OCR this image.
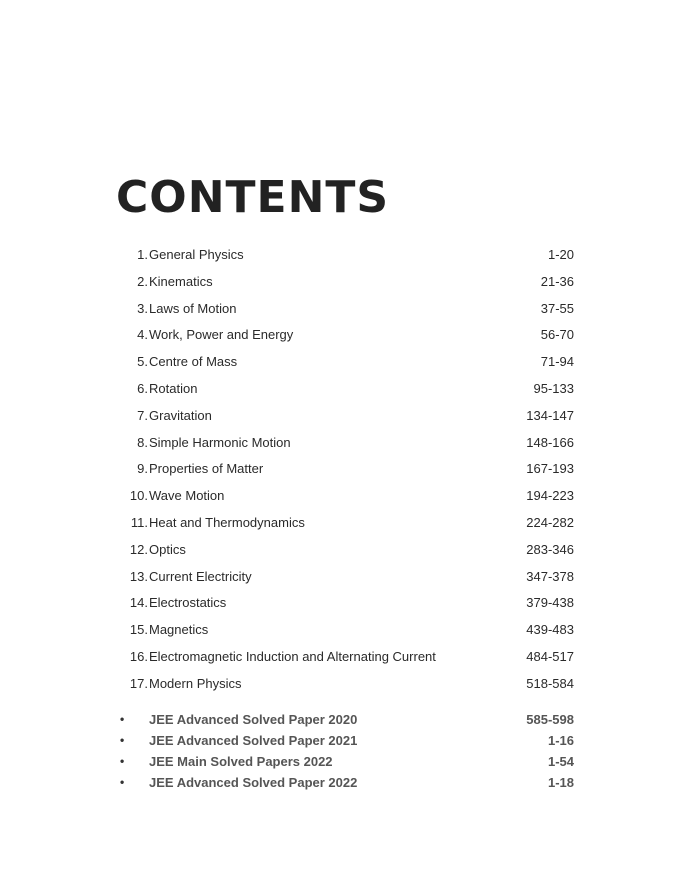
CONTENTS
1. General Physics	1-20
2. Kinematics	21-36
3. Laws of Motion	37-55
4. Work, Power and Energy	56-70
5. Centre of Mass	71-94
6. Rotation	95-133
7. Gravitation	134-147
8. Simple Harmonic Motion	148-166
9. Properties of Matter	167-193
10. Wave Motion	194-223
11. Heat and Thermodynamics	224-282
12. Optics	283-346
13. Current Electricity	347-378
14. Electrostatics	379-438
15. Magnetics	439-483
16. Electromagnetic Induction and Alternating Current	484-517
17. Modern Physics	518-584
• JEE Advanced Solved Paper 2020	585-598
• JEE Advanced Solved Paper 2021	1-16
• JEE Main Solved Papers 2022	1-54
• JEE Advanced Solved Paper 2022	1-18
